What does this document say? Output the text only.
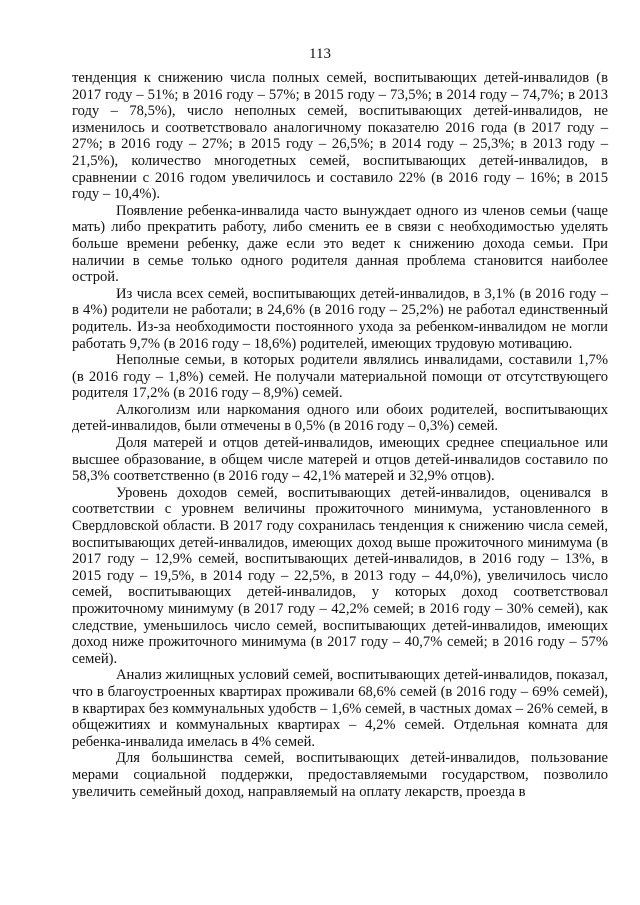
113

тенденция к снижению числа полных семей, воспитывающих детей-инвалидов (в 2017 году – 51%; в 2016 году – 57%; в 2015 году – 73,5%; в 2014 году – 74,7%; в 2013 году – 78,5%), число неполных семей, воспитывающих детей-инвалидов, не изменилось и соответствовало аналогичному показателю 2016 года (в 2017 году – 27%; в 2016 году – 27%; в 2015 году – 26,5%; в 2014 году – 25,3%; в 2013 году – 21,5%), количество многодетных семей, воспитывающих детей-инвалидов, в сравнении с 2016 годом увеличилось и составило 22% (в 2016 году – 16%; в 2015 году – 10,4%).

Появление ребенка-инвалида часто вынуждает одного из членов семьи (чаще мать) либо прекратить работу, либо сменить ее в связи с необходимостью уделять больше времени ребенку, даже если это ведет к снижению дохода семьи. При наличии в семье только одного родителя данная проблема становится наиболее острой.

Из числа всех семей, воспитывающих детей-инвалидов, в 3,1% (в 2016 году – в 4%) родители не работали; в 24,6% (в 2016 году – 25,2%) не работал единственный родитель. Из-за необходимости постоянного ухода за ребенком-инвалидом не могли работать 9,7% (в 2016 году – 18,6%) родителей, имеющих трудовую мотивацию.

Неполные семьи, в которых родители являлись инвалидами, составили 1,7% (в 2016 году – 1,8%) семей. Не получали материальной помощи от отсутствующего родителя 17,2% (в 2016 году – 8,9%) семей.

Алкоголизм или наркомания одного или обоих родителей, воспитывающих детей-инвалидов, были отмечены в 0,5% (в 2016 году – 0,3%) семей.

Доля матерей и отцов детей-инвалидов, имеющих среднее специальное или высшее образование, в общем числе матерей и отцов детей-инвалидов составило по 58,3% соответственно (в 2016 году – 42,1% матерей и 32,9% отцов).

Уровень доходов семей, воспитывающих детей-инвалидов, оценивался в соответствии с уровнем величины прожиточного минимума, установленного в Свердловской области. В 2017 году сохранилась тенденция к снижению числа семей, воспитывающих детей-инвалидов, имеющих доход выше прожиточного минимума (в 2017 году – 12,9% семей, воспитывающих детей-инвалидов, в 2016 году – 13%, в 2015 году – 19,5%, в 2014 году – 22,5%, в 2013 году – 44,0%), увеличилось число семей, воспитывающих детей-инвалидов, у которых доход соответствовал прожиточному минимуму (в 2017 году – 42,2% семей; в 2016 году – 30% семей), как следствие, уменьшилось число семей, воспитывающих детей-инвалидов, имеющих доход ниже прожиточного минимума (в 2017 году – 40,7% семей; в 2016 году – 57% семей).

Анализ жилищных условий семей, воспитывающих детей-инвалидов, показал, что в благоустроенных квартирах проживали 68,6% семей (в 2016 году – 69% семей), в квартирах без коммунальных удобств – 1,6% семей, в частных домах – 26% семей, в общежитиях и коммунальных квартирах – 4,2% семей. Отдельная комната для ребенка-инвалида имелась в 4% семей.

Для большинства семей, воспитывающих детей-инвалидов, пользование мерами социальной поддержки, предоставляемыми государством, позволило увеличить семейный доход, направляемый на оплату лекарств, проезда в
